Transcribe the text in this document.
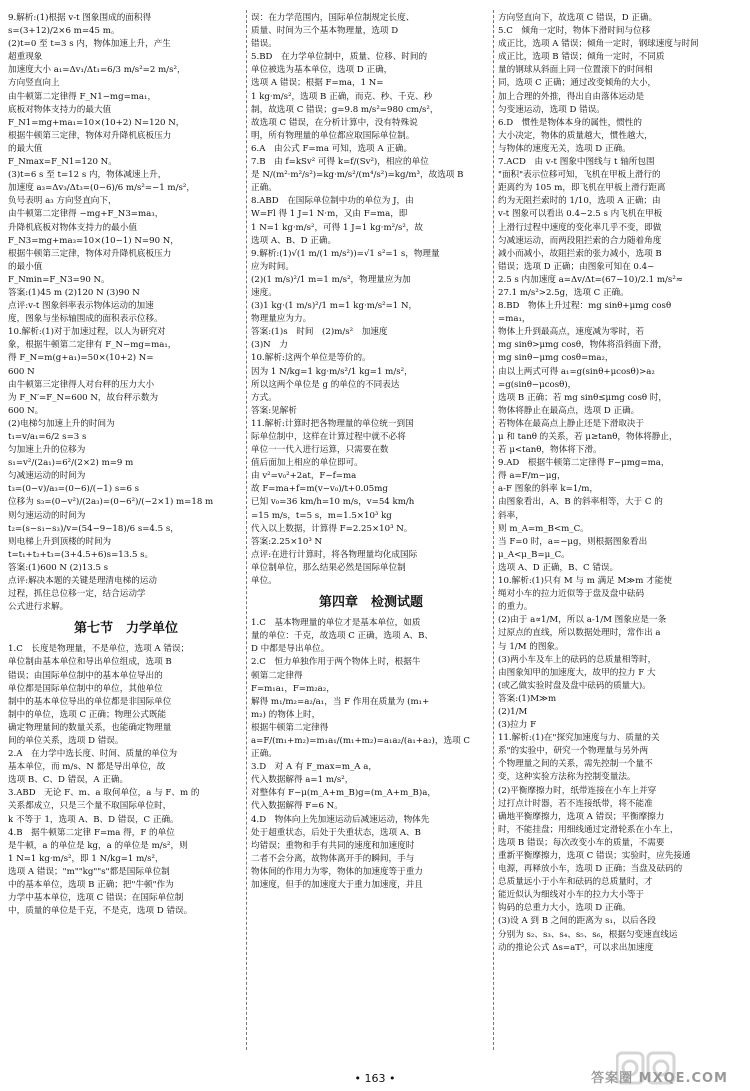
9.解析:(1)根据 v-t 图象围成的面积得
s=(3+12)/2×6 m=45 m。
(2)t=0 至 t=3 s 内，物体加速上升，产生
超重现象
加速度大小 a₁=Δv₁/Δt₁=6/3 m/s²=2 m/s²，
方向竖直向上
由牛顿第二定律得 F_N1−mg=ma₁，
底板对物体支持力的最大值
F_N1=mg+ma₁=10×(10+2) N=120 N，
根据牛顿第三定律，物体对升降机底板压力
的最大值
F_Nmax=F_N1=120 N。
(3)t=6 s 至 t=12 s 内，物体减速上升，
加速度 a₃=Δv₃/Δt₃=(0−6)/6 m/s²=−1 m/s²，
负号表明 a₃ 方向竖直向下，
由牛顿第二定律得 −mg+F_N3=ma₃，
升降机底板对物体支持力的最小值
F_N3=mg+ma₃=10×(10−1) N=90 N，
根据牛顿第三定律，物体对升降机底板压力
的最小值
F_Nmin=F_N3=90 N。
答案:(1)45 m (2)120 N (3)90 N
点评:v-t 图象斜率表示物体运动的加速
度，图象与坐标轴围成的面积表示位移。
10.解析:(1)对于加速过程，以人为研究对
象，根据牛顿第二定律有 F_N−mg=ma₁，
得 F_N=m(g+a₁)=50×(10+2) N=
600 N
由牛顿第三定律得人对台秤的压力大小
为 F_N′=F_N=600 N，故台秤示数为
600 N。
(2)电梯匀加速上升的时间为
t₁=v/a₁=6/2 s=3 s
匀加速上升的位移为
s₁=v²/(2a₁)=6²/(2×2) m=9 m
匀减速运动的时间为
t₃=(0−v)/a₃=(0−6)/(−1) s=6 s
位移为 s₃=(0−v²)/(2a₃)=(0−6²)/(−2×1) m=18 m
则匀速运动的时间为
t₂=(s−s₁−s₃)/v=(54−9−18)/6 s=4.5 s，
则电梯上升到顶楼的时间为
t=t₁+t₂+t₃=(3+4.5+6)s=13.5 s。
答案:(1)600 N (2)13.5 s
点评:解决本题的关键是理清电梯的运动
过程，抓住总位移一定，结合运动学
公式进行求解。
第七节　力学单位
1.C　长度是物理量，不是单位，选项 A 错误；
单位制由基本单位和导出单位组成，选项 B
错误；由国际单位制中的基本单位导出的
单位都是国际单位制中的单位，其他单位
制中的基本单位导出的单位都是非国际单位
制中的单位，选项 C 正确；物理公式既能
确定物理量间的数量关系，也能确定物理量
间的单位关系，选项 D 错误。
2.A　在力学中选长度、时间、质量的单位为
基本单位，而 m/s、N 都是导出单位，故
选项 B、C、D 错误，A 正确。
3.ABD　无论 F、m、a 取何单位，a 与 F、m 的
关系都成立，只是三个量不取国际单位时，
k 不等于 1，选项 A、B、D 错误，C 正确。
4.B　据牛顿第二定律 F=ma 得，F 的单位
是牛顿，a 的单位是 kg，a 的单位是 m/s²，则
1 N=1 kg·m/s²，即 1 N/kg=1 m/s²，
选项 A 错误；"m""kg""s"都是国际单位制
中的基本单位，选项 B 正确；把"牛顿"作为
力学中基本单位，选项 C 错误；在国际单位制
中，质量的单位是千克，不是克，选项 D 错误。
误：在力学范围内，国际单位制规定长度、
质量、时间为三个基本物理量，选项 D
错误。
5.BD　在力学单位制中，质量、位移、时间的
单位被选为基本单位，选项 D 正确，
选项 A 错误；根据 F=ma，1 N=
1 kg·m/s²，选项 B 正确，而克、秒、千克、秒
制，故选项 C 错误；g=9.8 m/s²=980 cm/s²，
故选项 C 错误，在分析计算中，没有特殊说
明，所有物理量的单位都应取国际单位制。
6.A　由公式 F=ma 可知，选项 A 正确。
7.B　由 f=kSv² 可得 k=f/(Sv²)，相应的单位
是 N/(m²·m²/s²)=kg·m/s²/(m⁴/s²)=kg/m³，故选项 B
正确。
8.ABD　在国际单位制中功的单位为 J，由
W=Fl 得 1 J=1 N·m，又由 F=ma，即
1 N=1 kg·m/s²，可得 1 J=1 kg·m²/s²，故
选项 A、B、D 正确。
9.解析:(1)√(1 m/(1 m/s²))=√1 s²=1 s，物理量
应为时间。
(2)(1 m/s)²/1 m=1 m/s²，物理量应为加
速度。
(3)1 kg·(1 m/s)²/1 m=1 kg·m/s²=1 N，
物理量应为力。
答案:(1)s　时间　(2)m/s²　加速度
(3)N　力
10.解析:这两个单位是等价的。
因为 1 N/kg=1 kg·m/s²/1 kg=1 m/s²，
所以这两个单位是 g 的单位的不同表达
方式。
答案:见解析
11.解析:计算时把各物理量的单位统一到国
际单位制中，这样在计算过程中就不必将
单位一一代入进行运算，只需要在数
值后面加上相应的单位即可。
由 v²=v₀²+2at，F−f=ma
故 F=ma+f=m(v−v₀)/t+0.05mg
已知 v₀=36 km/h=10 m/s，v=54 km/h
=15 m/s，t=5 s，m=1.5×10³ kg
代入以上数据，计算得 F=2.25×10³ N。
答案:2.25×10³ N
点评:在进行计算时，将各物理量均化成国际
单位制单位，那么结果必然是国际单位制
单位。
第四章　检测试题
1.C　基本物理量的单位才是基本单位，如质
量的单位：千克，故选项 C 正确，选项 A、B、
D 中都是导出单位。
2.C　恒力单独作用于两个物体上时，根据牛
顿第二定律得
F=m₁a₁，F=m₂a₂，
解得 m₁/m₂=a₂/a₁，当 F 作用在质量为 (m₁+
m₂) 的物体上时，
根据牛顿第二定律得
a=F/(m₁+m₂)=m₁a₁/(m₁+m₂)=a₁a₂/(a₁+a₂)，选项 C
正确。
3.D　对 A 有 F_max=m_A a，
代入数据解得 a=1 m/s²，
对整体有 F−μ(m_A+m_B)g=(m_A+m_B)a，
代入数据解得 F=6 N。
4.D　物体向上先加速运动后减速运动，物体先
处于超重状态，后处于失重状态，选项 A、B
均错误；重物和手有共同的速度和加速度时
二者不会分离，故物体离开手的瞬间，手与
物体间的作用力为零，物体的加速度等于重力
加速度，但手的加速度大于重力加速度，并且
方向竖直向下，故选项 C 错误，D 正确。
5.C　倾角一定时，物体下滑时间与位移
成正比，选项 A 错误；倾角一定时，钢球速度与时间
成正比，选项 B 错误；倾角一定时，不同质
量的钢球从斜面上同一位置滚下的时间相
同，选项 C 正确；通过改变倾角的大小，
加上合理的外推，得出自由落体运动是
匀变速运动，选项 D 错误。
6.D　惯性是物体本身的属性，惯性的
大小决定，物体的质量越大，惯性越大，
与物体的速度无关，选项 D 正确。
7.ACD　由 v-t 图象中图线与 t 轴所包围
"面积"表示位移可知，飞机在甲板上滑行的
距离约为 105 m，即飞机在甲板上滑行距离
约为无阻拦索时的 1/10，选项 A 正确；由
v-t 图象可以看出 0.4~2.5 s 内飞机在甲板
上滑行过程中速度的变化率几乎不变，即做
匀减速运动，而两段阻拦索的合力随着角度
减小而减小，故阻拦索的张力减小，选项 B
错误；选项 D 正确；由图象可知在 0.4~
2.5 s 内加速度 a=Δv/Δt=(67−10)/2.1 m/s²≈
27.1 m/s²>2.5g，选项 C 正确。
8.BD　物体上升过程：mg sinθ+μmg cosθ
=ma₁，
物体上升到最高点，速度减为零时，若
mg sinθ>μmg cosθ，物体将沿斜面下滑，
mg sinθ−μmg cosθ=ma₂，
由以上两式可得 a₁=g(sinθ+μcosθ)>a₂
=g(sinθ−μcosθ)，
选项 B 正确；若 mg sinθ≤μmg cosθ 时，
物体将静止在最高点，选项 D 正确。
若物体在最高点上静止还是下滑取决于
μ 和 tanθ 的关系，若 μ≥tanθ，物体将静止，
若 μ<tanθ，物体将下滑。
9.AD　根据牛顿第二定律得 F−μmg=ma，
得 a=F/m−μg，
a-F 图象的斜率 k=1/m，
由图象看出，A、B 的斜率相等，大于 C 的
斜率，
则 m_A=m_B<m_C。
当 F=0 时，a=−μg，则根据图象看出
μ_A<μ_B=μ_C。
选项 A、D 正确，B、C 错误。
10.解析:(1)只有 M 与 m 满足 M≫m 才能使
绳对小车的拉力近似等于盘及盘中砝码
的重力。
(2)由于 a∝1/M，所以 a-1/M 图象应是一条
过原点的直线，所以数据处理时，常作出 a
与 1/M 的图象。
(3)两小车及车上的砝码的总质量相等时，
由图象知甲的加速度大，故甲的拉力 F 大
(或乙做实验时盘及盘中砝码的质量大)。
答案:(1)M≫m
(2)1/M
(3)拉力 F
11.解析:(1)在"探究加速度与力、质量的关
系"的实验中，研究一个物理量与另外两
个物理量之间的关系，需先控制一个量不
变，这种实验方法称为控制变量法。
(2)平衡摩擦力时，纸带连接在小车上并穿
过打点计时器，若不连接纸带，将不能准
确地平衡摩擦力，选项 A 错误；平衡摩擦力
时，不能挂盘；用细线通过定滑轮系在小车上，
选项 B 错误；每次改变小车的质量，不需要
重新平衡摩擦力，选项 C 错误；实验时，应先接通
电源，再释放小车，选项 D 正确；当盘及砝码的
总质量远小于小车和砝码的总质量时，才
能近似认为细线对小车的拉力大小等于
钩码的总重力大小，选项 D 正确。
(3)设 A 到 B 之间的距离为 s₁，以后各段
分别为 s₂、s₃、s₄、s₅、s₆，根据匀变速直线运
动的推论公式 Δs=aT²，可以求出加速度
• 163 •	答案圈 MXQE.COM
